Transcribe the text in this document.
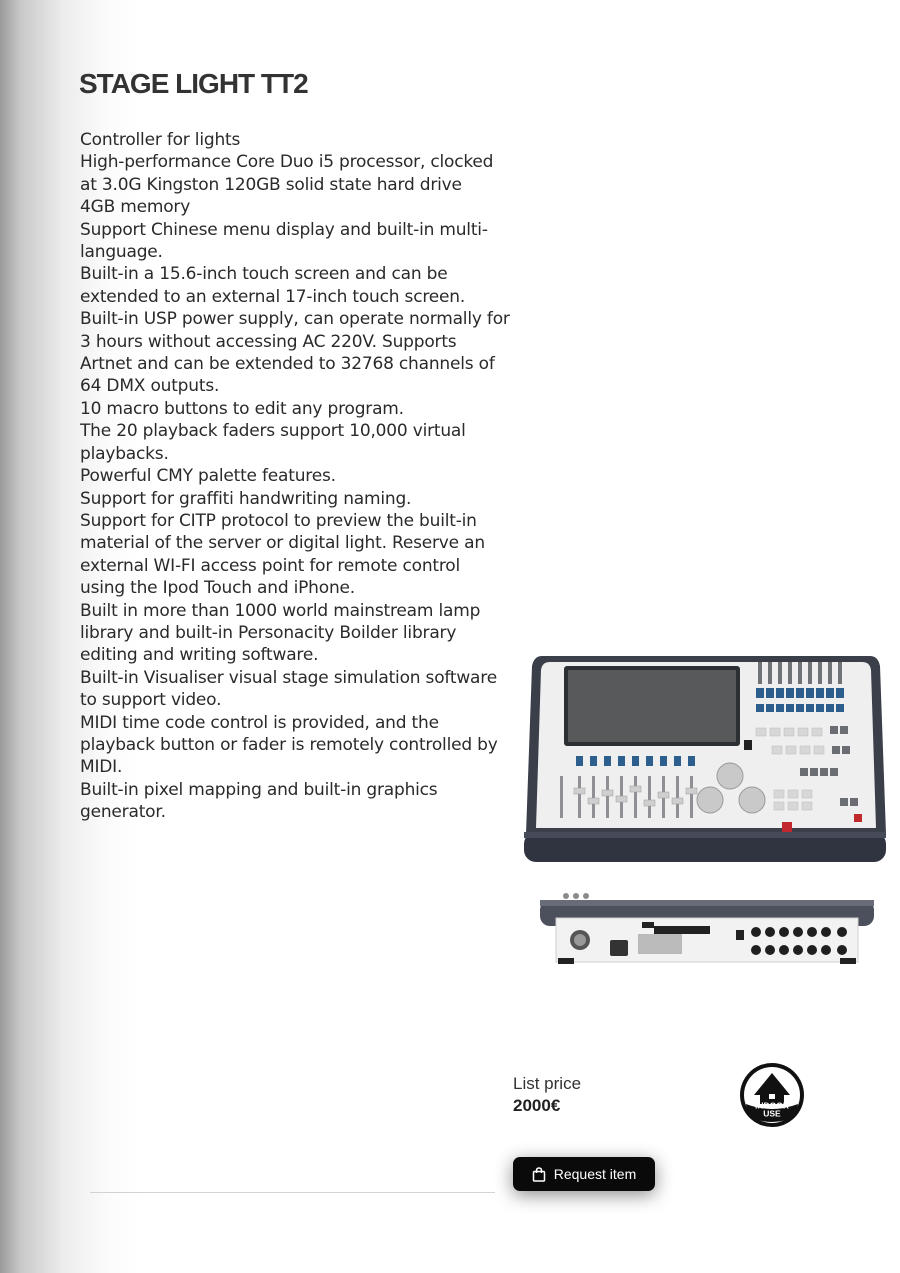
STAGE LIGHT TT2
Controller for lights
High-performance Core Duo i5 processor, clocked at 3.0G Kingston 120GB solid state hard drive
4GB memory
Support Chinese menu display and built-in multi-language.
Built-in a 15.6-inch touch screen and can be extended to an external 17-inch touch screen.
Built-in USP power supply, can operate normally for 3 hours without accessing AC 220V. Supports Artnet and can be extended to 32768 channels of 64 DMX outputs.
10 macro buttons to edit any program.
The 20 playback faders support 10,000 virtual playbacks.
Powerful CMY palette features.
Support for graffiti handwriting naming.
Support for CITP protocol to preview the built-in material of the server or digital light. Reserve an external WI-FI access point for remote control using the Ipod Touch and iPhone.
Built in more than 1000 world mainstream lamp library and built-in Personacity Boilder library editing and writing software.
Built-in Visualiser visual stage simulation software to support video.
MIDI time code control is provided, and the playback button or fader is remotely controlled by MIDI.
Built-in pixel mapping and built-in graphics generator.
List price
2000€	INDOOR
USE
Request item
